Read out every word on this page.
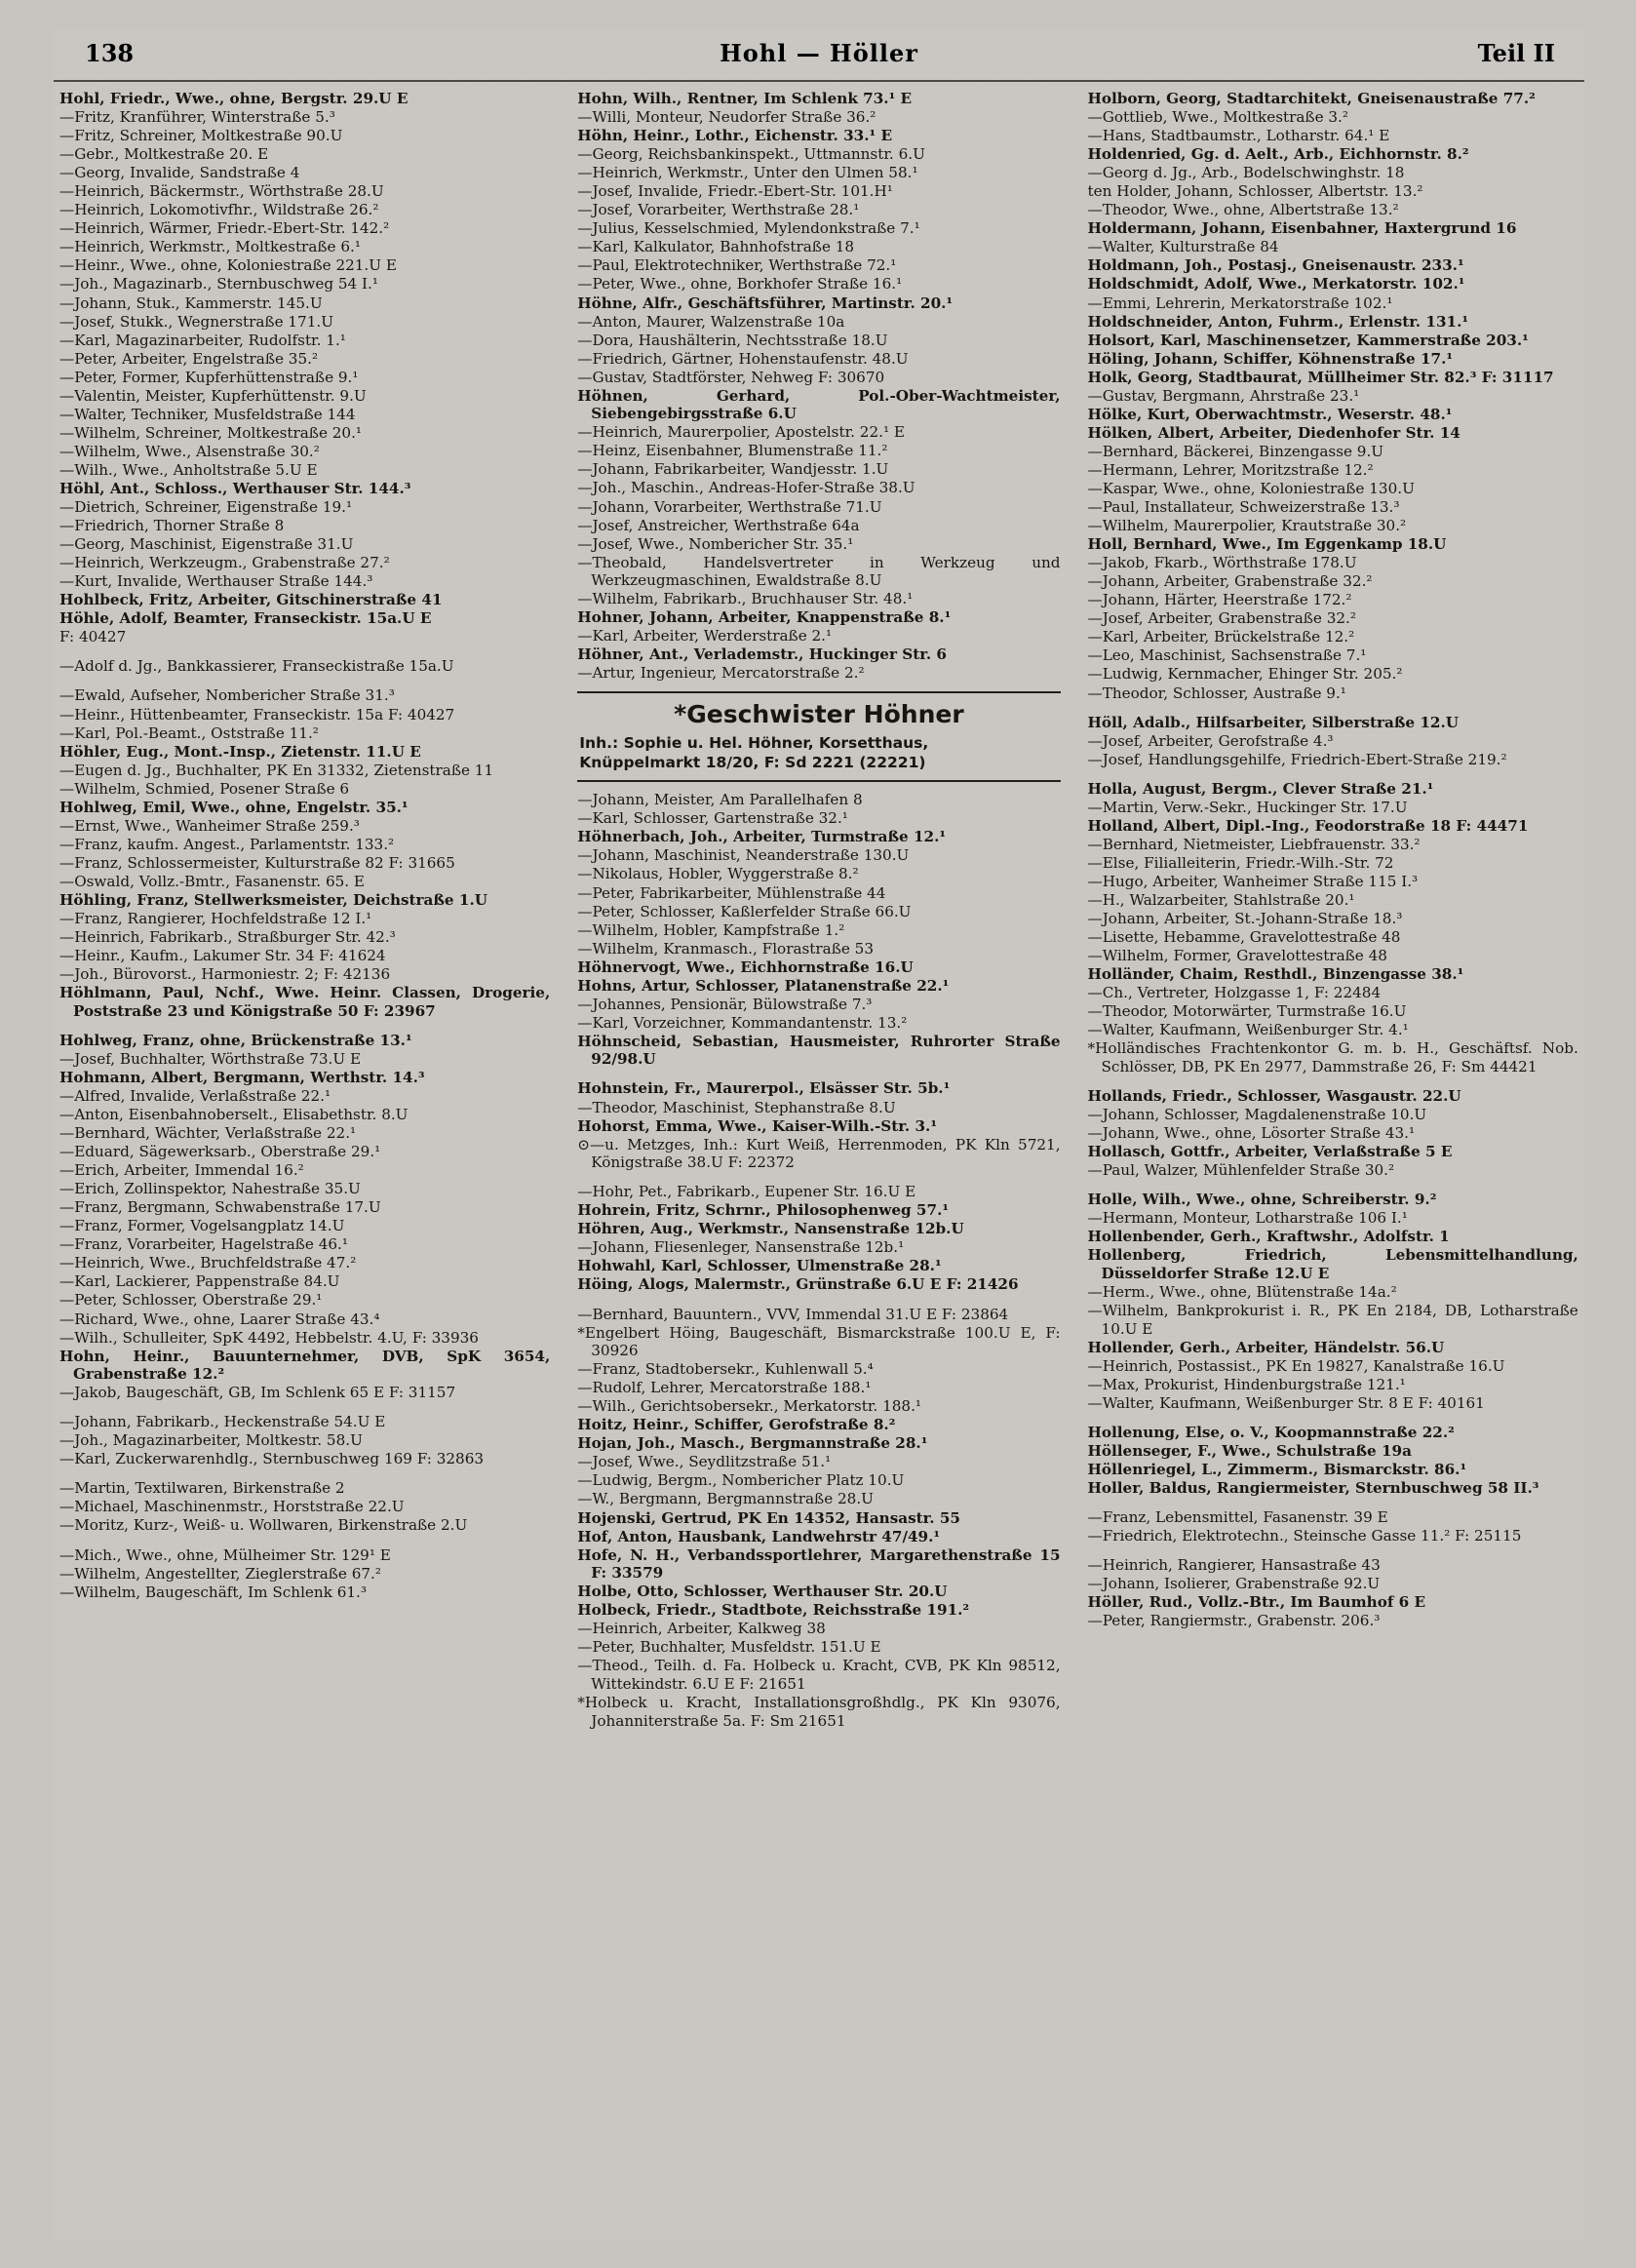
138	Hohl — Höller	Teil II
Hohl, Friedr., Wwe., ohne, Bergstr. 29.U E
—Fritz, Kranführer, Winterstraße 5.³
—Fritz, Schreiner, Moltkestraße 90.U
—Gebr., Moltkestraße 20. E
—Georg, Invalide, Sandstraße 4
—Heinrich, Bäckermstr., Wörthstraße 28.U
—Heinrich, Lokomotivfhr., Wildstraße 26.²
—Heinrich, Wärmer, Friedr.-Ebert-Str. 142.²
—Heinrich, Werkmstr., Moltkestraße 6.¹
—Heinr., Wwe., ohne, Koloniestraße 221.U E
—Joh., Magazinarb., Sternbuschweg 54 I.¹
—Johann, Stuk., Kammerstr. 145.U
—Josef, Stukk., Wegnerstraße 171.U
—Karl, Magazinarbeiter, Rudolfstr. 1.¹
—Peter, Arbeiter, Engelstraße 35.²
—Peter, Former, Kupferhüttenstraße 9.¹
—Valentin, Meister, Kupferhüttenstr. 9.U
—Walter, Techniker, Musfeldstraße 144
—Wilhelm, Schreiner, Moltkestraße 20.¹
—Wilhelm, Wwe., Alsenstraße 30.²
—Wilh., Wwe., Anholtstraße 5.U E
Höhl, Ant., Schloss., Werthauser Str. 144.³
—Dietrich, Schreiner, Eigenstraße 19.¹
—Friedrich, Thorner Straße 8
—Georg, Maschinist, Eigenstraße 31.U
—Heinrich, Werkzeugm., Grabenstraße 27.²
—Kurt, Invalide, Werthauser Straße 144.³
Hohlbeck, Fritz, Arbeiter, Gitschinerstraße 41
Höhle, Adolf, Beamter, Franseckistr. 15a.U E
F: 40427
—Adolf d. Jg., Bankkassierer, Franseckistraße 15a.U
—Ewald, Aufseher, Nombericher Straße 31.³
—Heinr., Hüttenbeamter, Franseckistr. 15a F: 40427
—Karl, Pol.-Beamt., Oststraße 11.²
Höhler, Eug., Mont.-Insp., Zietenstr. 11.U E
—Eugen d. Jg., Buchhalter, PK En 31332, Zietenstraße 11
—Wilhelm, Schmied, Posener Straße 6
Hohlweg, Emil, Wwe., ohne, Engelstr. 35.¹
—Ernst, Wwe., Wanheimer Straße 259.³
—Franz, kaufm. Angest., Parlamentstr. 133.²
—Franz, Schlossermeister, Kulturstraße 82 F: 31665
—Oswald, Vollz.-Bmtr., Fasanenstr. 65. E
Höhling, Franz, Stellwerksmeister, Deichstraße 1.U
—Franz, Rangierer, Hochfeldstraße 12 I.¹
—Heinrich, Fabrikarb., Straßburger Str. 42.³
—Heinr., Kaufm., Lakumer Str. 34 F: 41624
—Joh., Bürovorst., Harmoniestr. 2; F: 42136
Höhlmann, Paul, Nchf., Wwe. Heinr. Classen, Drogerie, Poststraße 23 und Königstraße 50 F: 23967
Hohlweg, Franz, ohne, Brückenstraße 13.¹
—Josef, Buchhalter, Wörthstraße 73.U E
Hohmann, Albert, Bergmann, Werthstr. 14.³
—Alfred, Invalide, Verlaßstraße 22.¹
—Anton, Eisenbahnoberselt., Elisabethstr. 8.U
—Bernhard, Wächter, Verlaßstraße 22.¹
—Eduard, Sägewerksarb., Oberstraße 29.¹
—Erich, Arbeiter, Immendal 16.²
—Erich, Zollinspektor, Nahestraße 35.U
—Franz, Bergmann, Schwabenstraße 17.U
—Franz, Former, Vogelsangplatz 14.U
—Franz, Vorarbeiter, Hagelstraße 46.¹
—Heinrich, Wwe., Bruchfeldstraße 47.²
—Karl, Lackierer, Pappenstraße 84.U
—Peter, Schlosser, Oberstraße 29.¹
—Richard, Wwe., ohne, Laarer Straße 43.⁴
—Wilh., Schulleiter, SpK 4492, Hebbelstr. 4.U, F: 33936
Hohn, Heinr., Bauunternehmer, DVB, SpK 3654, Grabenstraße 12.²
—Jakob, Baugeschäft, GB, Im Schlenk 65 E F: 31157
—Johann, Fabrikarb., Heckenstraße 54.U E
—Joh., Magazinarbeiter, Moltkestr. 58.U
—Karl, Zuckerwarenhdlg., Sternbuschweg 169 F: 32863
—Martin, Textilwaren, Birkenstraße 2
—Michael, Maschinenmstr., Horststraße 22.U
—Moritz, Kurz-, Weiß- u. Wollwaren, Birkenstraße 2.U
—Mich., Wwe., ohne, Mülheimer Str. 129¹ E
—Wilhelm, Angestellter, Zieglerstraße 67.²
—Wilhelm, Baugeschäft, Im Schlenk 61.³
Hohn, Wilh., Rentner, Im Schlenk 73.¹ E
—Willi, Monteur, Neudorfer Straße 36.²
Höhn, Heinr., Lothr., Eichenstr. 33.¹ E
—Georg, Reichsbankinspekt., Uttmannstr. 6.U
—Heinrich, Werkmstr., Unter den Ulmen 58.¹
—Josef, Invalide, Friedr.-Ebert-Str. 101.H¹
—Josef, Vorarbeiter, Werthstraße 28.¹
—Julius, Kesselschmied, Mylendonkstraße 7.¹
—Karl, Kalkulator, Bahnhofstraße 18
—Paul, Elektrotechniker, Werthstraße 72.¹
—Peter, Wwe., ohne, Borkhofer Straße 16.¹
Höhne, Alfr., Geschäftsführer, Martinstr. 20.¹
—Anton, Maurer, Walzenstraße 10a
—Dora, Haushälterin, Nechtsstraße 18.U
—Friedrich, Gärtner, Hohenstaufenstr. 48.U
—Gustav, Stadtförster, Nehweg F: 30670
Höhnen, Gerhard, Pol.-Ober-Wachtmeister, Siebengebirgsstraße 6.U
—Heinrich, Maurerpolier, Apostelstr. 22.¹ E
—Heinz, Eisenbahner, Blumenstraße 11.²
—Johann, Fabrikarbeiter, Wandjesstr. 1.U
—Joh., Maschin., Andreas-Hofer-Straße 38.U
—Johann, Vorarbeiter, Werthstraße 71.U
—Josef, Anstreicher, Werthstraße 64a
—Josef, Wwe., Nombericher Str. 35.¹
—Theobald, Handelsvertreter in Werkzeug und Werkzeugmaschinen, Ewaldstraße 8.U
—Wilhelm, Fabrikarb., Bruchhauser Str. 48.¹
Hohner, Johann, Arbeiter, Knappenstraße 8.¹
—Karl, Arbeiter, Werderstraße 2.¹
Höhner, Ant., Verlademstr., Huckinger Str. 6
—Artur, Ingenieur, Mercatorstraße 2.²
*Geschwister Höhner
Inh.: Sophie u. Hel. Höhner, Korsetthaus,
Knüppelmarkt 18/20, F: Sd 2221 (22221)
—Johann, Meister, Am Parallelhafen 8
—Karl, Schlosser, Gartenstraße 32.¹
Höhnerbach, Joh., Arbeiter, Turmstraße 12.¹
—Johann, Maschinist, Neanderstraße 130.U
—Nikolaus, Hobler, Wyggerstraße 8.²
—Peter, Fabrikarbeiter, Mühlenstraße 44
—Peter, Schlosser, Kaßlerfelder Straße 66.U
—Wilhelm, Hobler, Kampfstraße 1.²
—Wilhelm, Kranmasch., Florastraße 53
Höhnervogt, Wwe., Eichhornstraße 16.U
Hohns, Artur, Schlosser, Platanenstraße 22.¹
—Johannes, Pensionär, Bülowstraße 7.³
—Karl, Vorzeichner, Kommandantenstr. 13.²
Höhnscheid, Sebastian, Hausmeister, Ruhrorter Straße 92/98.U
Hohnstein, Fr., Maurerpol., Elsässer Str. 5b.¹
—Theodor, Maschinist, Stephanstraße 8.U
Hohorst, Emma, Wwe., Kaiser-Wilh.-Str. 3.¹
⊙—u. Metzges, Inh.: Kurt Weiß, Herrenmoden, PK Kln 5721, Königstraße 38.U F: 22372
—Hohr, Pet., Fabrikarb., Eupener Str. 16.U E
Hohrein, Fritz, Schrnr., Philosophenweg 57.¹
Höhren, Aug., Werkmstr., Nansenstraße 12b.U
—Johann, Fliesenleger, Nansenstraße 12b.¹
Hohwahl, Karl, Schlosser, Ulmenstraße 28.¹
Höing, Alogs, Malermstr., Grünstraße 6.U E F: 21426
—Bernhard, Bauuntern., VVV, Immendal 31.U E F: 23864
*Engelbert Höing, Baugeschäft, Bismarckstraße 100.U E, F: 30926
—Franz, Stadtobersekr., Kuhlenwall 5.⁴
—Rudolf, Lehrer, Mercatorstraße 188.¹
—Wilh., Gerichtsobersekr., Merkatorstr. 188.¹
Hoitz, Heinr., Schiffer, Gerofstraße 8.²
Hojan, Joh., Masch., Bergmannstraße 28.¹
—Josef, Wwe., Seydlitzstraße 51.¹
—Ludwig, Bergm., Nombericher Platz 10.U
—W., Bergmann, Bergmannstraße 28.U
Hojenski, Gertrud, PK En 14352, Hansastr. 55
Hof, Anton, Hausbank, Landwehrstr 47/49.¹
Hofe, N. H., Verbandssportlehrer, Margarethenstraße 15 F: 33579
Holbe, Otto, Schlosser, Werthauser Str. 20.U
Holbeck, Friedr., Stadtbote, Reichsstraße 191.²
—Heinrich, Arbeiter, Kalkweg 38
—Peter, Buchhalter, Musfeldstr. 151.U E
—Theod., Teilh. d. Fa. Holbeck u. Kracht, CVB, PK Kln 98512, Wittekindstr. 6.U E F: 21651
*Holbeck u. Kracht, Installationsgroßhdlg., PK Kln 93076, Johanniterstraße 5a. F: Sm 21651
Holborn, Georg, Stadtarchitekt, Gneisenaustraße 77.²
—Gottlieb, Wwe., Moltkestraße 3.²
—Hans, Stadtbaumstr., Lotharstr. 64.¹ E
Holdenried, Gg. d. Aelt., Arb., Eichhornstr. 8.²
—Georg d. Jg., Arb., Bodelschwinghstr. 18
ten Holder, Johann, Schlosser, Albertstr. 13.²
—Theodor, Wwe., ohne, Albertstraße 13.²
Holdermann, Johann, Eisenbahner, Haxtergrund 16
—Walter, Kulturstraße 84
Holdmann, Joh., Postasj., Gneisenaustr. 233.¹
Holdschmidt, Adolf, Wwe., Merkatorstr. 102.¹
—Emmi, Lehrerin, Merkatorstraße 102.¹
Holdschneider, Anton, Fuhrm., Erlenstr. 131.¹
Holsort, Karl, Maschinensetzer, Kammerstraße 203.¹
Höling, Johann, Schiffer, Köhnenstraße 17.¹
Holk, Georg, Stadtbaurat, Müllheimer Str. 82.³ F: 31117
—Gustav, Bergmann, Ahrstraße 23.¹
Hölke, Kurt, Oberwachtmstr., Weserstr. 48.¹
Hölken, Albert, Arbeiter, Diedenhofer Str. 14
—Bernhard, Bäckerei, Binzengasse 9.U
—Hermann, Lehrer, Moritzstraße 12.²
—Kaspar, Wwe., ohne, Koloniestraße 130.U
—Paul, Installateur, Schweizerstraße 13.³
—Wilhelm, Maurerpolier, Krautstraße 30.²
Holl, Bernhard, Wwe., Im Eggenkamp 18.U
—Jakob, Fkarb., Wörthstraße 178.U
—Johann, Arbeiter, Grabenstraße 32.²
—Johann, Härter, Heerstraße 172.²
—Josef, Arbeiter, Grabenstraße 32.²
—Karl, Arbeiter, Brückelstraße 12.²
—Leo, Maschinist, Sachsenstraße 7.¹
—Ludwig, Kernmacher, Ehinger Str. 205.²
—Theodor, Schlosser, Austraße 9.¹
Höll, Adalb., Hilfsarbeiter, Silberstraße 12.U
—Josef, Arbeiter, Gerofstraße 4.³
—Josef, Handlungsgehilfe, Friedrich-Ebert-Straße 219.²
Holla, August, Bergm., Clever Straße 21.¹
—Martin, Verw.-Sekr., Huckinger Str. 17.U
Holland, Albert, Dipl.-Ing., Feodorstraße 18 F: 44471
—Bernhard, Nietmeister, Liebfrauenstr. 33.²
—Else, Filialleiterin, Friedr.-Wilh.-Str. 72
—Hugo, Arbeiter, Wanheimer Straße 115 I.³
—H., Walzarbeiter, Stahlstraße 20.¹
—Johann, Arbeiter, St.-Johann-Straße 18.³
—Lisette, Hebamme, Gravelottestraße 48
—Wilhelm, Former, Gravelottestraße 48
Holländer, Chaim, Resthdl., Binzengasse 38.¹
—Ch., Vertreter, Holzgasse 1, F: 22484
—Theodor, Motorwärter, Turmstraße 16.U
—Walter, Kaufmann, Weißenburger Str. 4.¹
*Holländisches Frachtenkontor G. m. b. H., Geschäftsf. Nob. Schlösser, DB, PK En 2977, Dammstraße 26, F: Sm 44421
Hollands, Friedr., Schlosser, Wasgaustr. 22.U
—Johann, Schlosser, Magdalenenstraße 10.U
—Johann, Wwe., ohne, Lösorter Straße 43.¹
Hollasch, Gottfr., Arbeiter, Verlaßstraße 5 E
—Paul, Walzer, Mühlenfelder Straße 30.²
Holle, Wilh., Wwe., ohne, Schreiberstr. 9.²
—Hermann, Monteur, Lotharstraße 106 I.¹
Hollenbender, Gerh., Kraftwshr., Adolfstr. 1
Hollenberg, Friedrich, Lebensmittelhandlung, Düsseldorfer Straße 12.U E
—Herm., Wwe., ohne, Blütenstraße 14a.²
—Wilhelm, Bankprokurist i. R., PK En 2184, DB, Lotharstraße 10.U E
Hollender, Gerh., Arbeiter, Händelstr. 56.U
—Heinrich, Postassist., PK En 19827, Kanalstraße 16.U
—Max, Prokurist, Hindenburgstraße 121.¹
—Walter, Kaufmann, Weißenburger Str. 8 E F: 40161
Hollenung, Else, o. V., Koopmannstraße 22.²
Höllenseger, F., Wwe., Schulstraße 19a
Höllenriegel, L., Zimmerm., Bismarckstr. 86.¹
Holler, Baldus, Rangiermeister, Sternbuschweg 58 II.³
—Franz, Lebensmittel, Fasanenstr. 39 E
—Friedrich, Elektrotechn., Steinsche Gasse 11.² F: 25115
—Heinrich, Rangierer, Hansastraße 43
—Johann, Isolierer, Grabenstraße 92.U
Höller, Rud., Vollz.-Btr., Im Baumhof 6 E
—Peter, Rangiermstr., Grabenstr. 206.³
